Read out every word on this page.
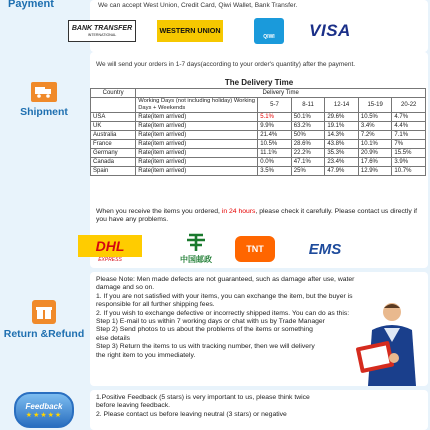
Payment	We can accept West Union, Credit Card, Qiwi Wallet, Bank Transfer.
BANK TRANSFER
INTERNATIONAL	WESTERN UNION
QIWI VISA
Shipment
We will send your orders in 1-7 days(according to your order's quantity) after the payment.
The Delivery Time
Country	Delivery Time					
	Working Days (not including holiday) Working Days + Weekends	5-7	8-11	12-14	15-19	20-22
USA	Rate(item arrived)	5.1%	50.1%	29.6%	10.5%	4.7%
UK	Rate(item arrived)	9.9%	63.2%	19.1%	3.4%	4.4%
Australia	Rate(item arrived)	21.4%	50%	14.3%	7.2%	7.1%
France	Rate(item arrived)	10.5%	28.6%	43.8%	10.1%	7%
Germany	Rate(item arrived)	11.1%	22.2%	35.3%	20.9%	15.5%
Canada	Rate(item arrived)	0.0%	47.1%	23.4%	17.6%	3.9%
Spain	Rate(item arrived)	3.5%	25%	47.9%	12.9%	10.7%
When you receive the items you ordered, in 24 hours, please check it carefully. Please contact us directly if you have any problems.
DHL
EXPRESS	中国邮政
TNT	EMS
Return &Refund
Please Note: Men made defects are not guaranteed, such as damage after use, water damage and so on.
1. If you are not satisfied with your items, you can exchange the item, but the buyer is responsible for all further shipping fees.
2. If you wish to exchange defective or incorrectly shipped items. You can do as this:
Step 1) E-mail to us within 7 working days or chat with us by Trade Manager
Step 2) Send photos to us about the problems of the items or something
else details
Step 3) Return the items to us with tracking number, then we will delivery
the right item to you immediately.
Feedback
★★★★★
1.Positive Feedback (5 stars) is very important to us, please think twice
before leaving feedback.
2. Please contact us before leaving neutral (3 stars) or negative
